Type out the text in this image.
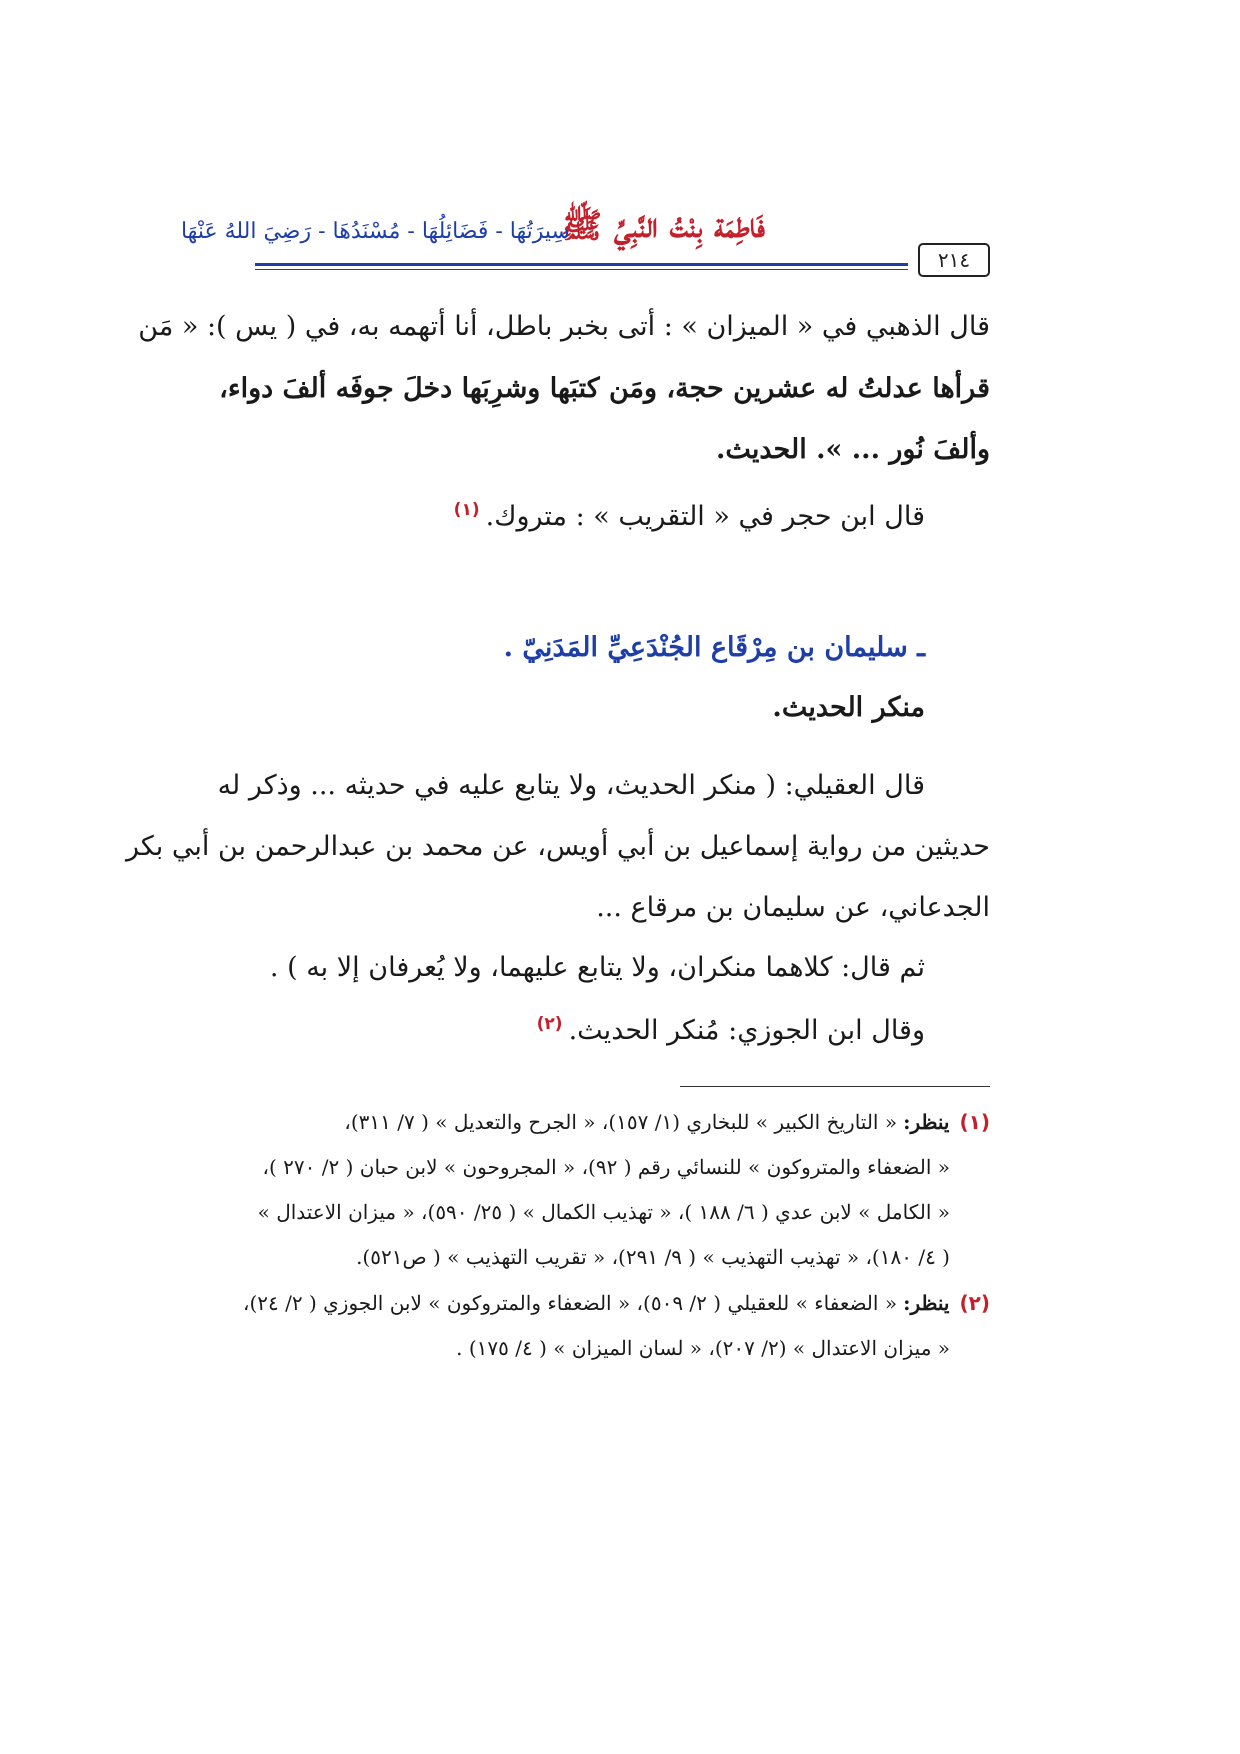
٢١٤
فَاطِمَة بِنْتُ النَّبِيِّ ﷺ
سِيرَتُهَا - فَضَائِلُهَا - مُسْنَدُهَا - رَضِيَ اللهُ عَنْهَا
قال الذهبي في « الميزان » : أتى بخبر باطل، أنا أتهمه به، في ( يس ): « مَن
قرأها عدلتُ له عشرين حجة، ومَن كتبَها وشرِبَها دخلَ جوفَه ألفَ دواء،
وألفَ نُور ... ». الحديث.
قال ابن حجر في « التقريب » : متروك.$^{(١)}$
ـ سليمان بن مِرْقَاع الجُنْدَعِيِّ المَدَنِيّ .
منكر الحديث.
قال العقيلي: ( منكر الحديث، ولا يتابع عليه في حديثه ... وذكر له
حديثين من رواية إسماعيل بن أبي أويس، عن محمد بن عبدالرحمن بن أبي بكر
الجدعاني، عن سليمان بن مرقاع ...
ثم قال: كلاهما منكران، ولا يتابع عليهما، ولا يُعرفان إلا به ) .
وقال ابن الجوزي: مُنكر الحديث.$^{(٢)}$
(١)ينظر:« التاريخ الكبير » للبخاري (١/ ١٥٧)، « الجرح والتعديل » ( ٧/ ٣١١)،
« الضعفاء والمتروكون » للنسائي رقم ( ٩٢)، « المجروحون » لابن حبان ( ٢/ ٢٧٠ )،
« الكامل » لابن عدي ( ٦/ ١٨٨ )، « تهذيب الكمال » ( ٢٥/ ٥٩٠)، « ميزان الاعتدال »
( ٤/ ١٨٠)، « تهذيب التهذيب » ( ٩/ ٢٩١)، « تقريب التهذيب » ( ص٥٢١).
(٢)ينظر:« الضعفاء » للعقيلي ( ٢/ ٥٠٩)، « الضعفاء والمتروكون » لابن الجوزي ( ٢/ ٢٤)،
« ميزان الاعتدال » (٢/ ٢٠٧)، « لسان الميزان » ( ٤/ ١٧٥) .
